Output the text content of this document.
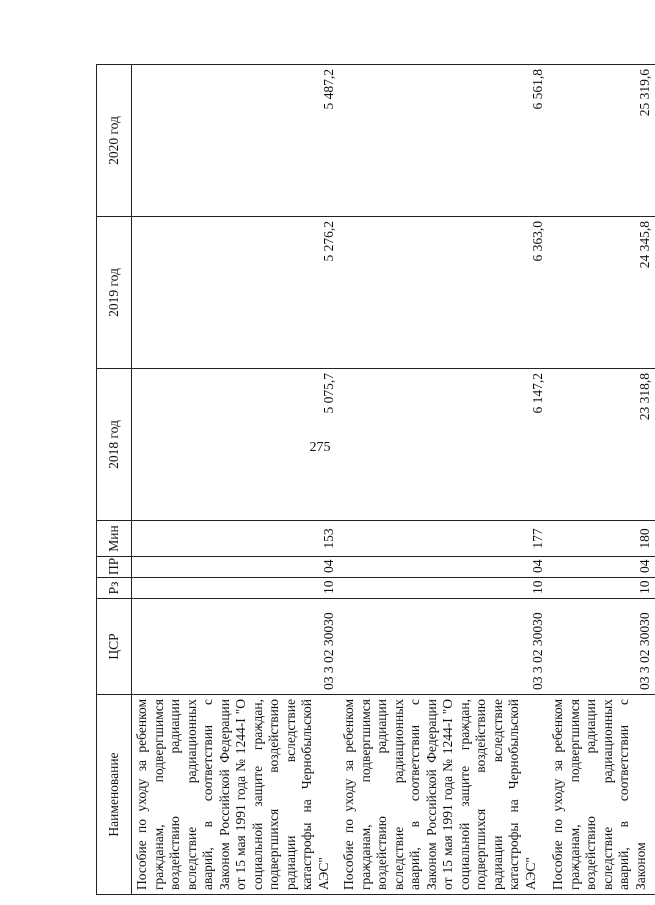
275
Наименование	ЦСР	Рз	ПР	Мин	2018 год	2019 год	2020 год
Пособие по уходу за ребенком гражданам, подвергшимся воздействию радиации вследствие радиационных аварий, в соответствии с Законом Российской Федерации от 15 мая 1991 года № 1244-I "О социальной защите граждан, подвергшихся воздействию радиации вследствие катастрофы на Чернобыльской АЭС"	03 3 02 30030	10	04	153	5 075,7	5 276,2	5 487,2
Пособие по уходу за ребенком гражданам, подвергшимся воздействию радиации вследствие радиационных аварий, в соответствии с Законом Российской Федерации от 15 мая 1991 года № 1244-I "О социальной защите граждан, подвергшихся воздействию радиации вследствие катастрофы на Чернобыльской АЭС"	03 3 02 30030	10	04	177	6 147,2	6 363,0	6 561,8
Пособие по уходу за ребенком гражданам, подвергшимся воздействию радиации вследствие радиационных аварий, в соответствии с Законом	03 3 02 30030	10	04	180	23 318,8	24 345,8	25 319,6
